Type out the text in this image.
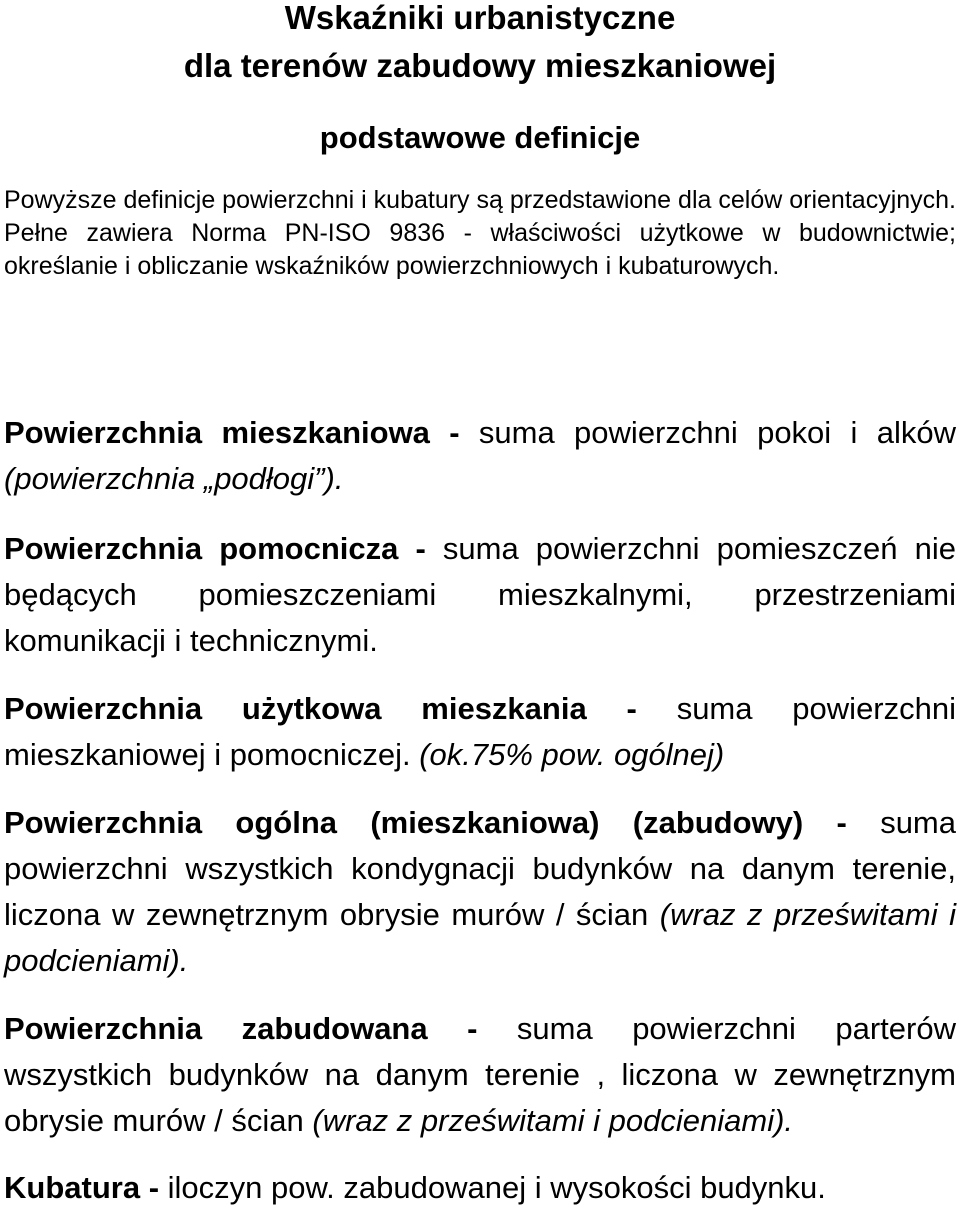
Wskaźniki urbanistyczne
dla terenów zabudowy mieszkaniowej
podstawowe definicje

Powyższe definicje powierzchni i kubatury są przedstawione dla celów orientacyjnych. Pełne zawiera Norma PN-ISO 9836 - właściwości użytkowe w budownictwie; określanie i obliczanie wskaźników powierzchniowych i kubaturowych.

Powierzchnia mieszkaniowa - suma powierzchni pokoi i alków (powierzchnia „podłogi”).

Powierzchnia pomocnicza - suma powierzchni pomieszczeń nie będących pomieszczeniami mieszkalnymi, przestrzeniami komunikacji i technicznymi.

Powierzchnia użytkowa mieszkania - suma powierzchni mieszkaniowej i pomocniczej. (ok.75% pow. ogólnej)

Powierzchnia ogólna (mieszkaniowa) (zabudowy) - suma powierzchni wszystkich kondygnacji budynków na danym terenie, liczona w zewnętrznym obrysie murów / ścian (wraz z prześwitami i podcieniami).

Powierzchnia zabudowana - suma powierzchni parterów wszystkich budynków na danym terenie , liczona w zewnętrznym obrysie murów / ścian (wraz z prześwitami i podcieniami).

Kubatura - iloczyn pow. zabudowanej i wysokości budynku.
